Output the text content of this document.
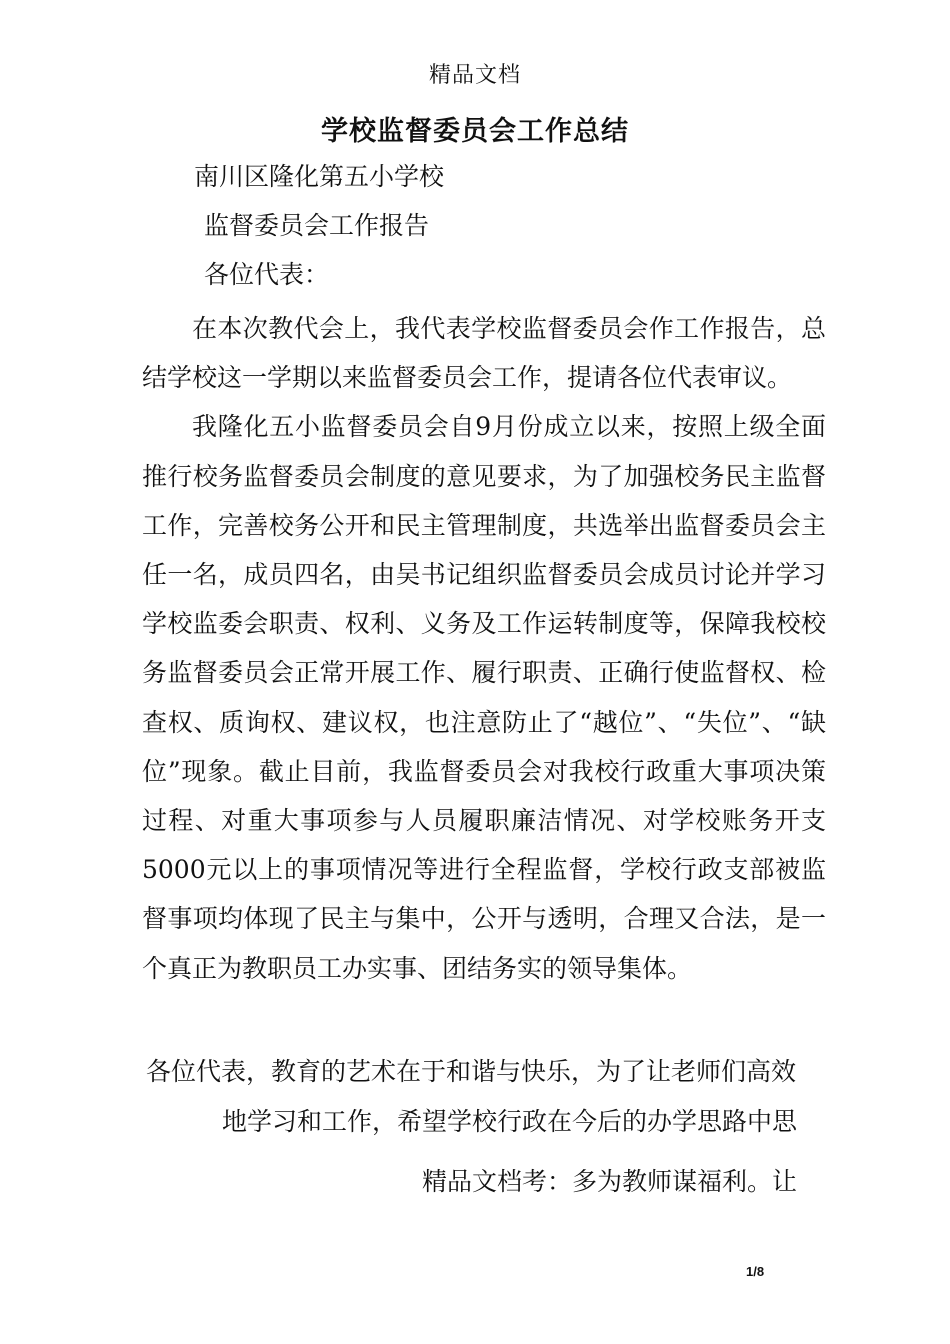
精品文档
学校监督委员会工作总结
南川区隆化第五小学校
监督委员会工作报告
各位代表：

在本次教代会上，我代表学校监督委员会作工作报告，总结学校这一学期以来监督委员会工作，提请各位代表审议。

我隆化五小监督委员会自9月份成立以来，按照上级全面推行校务监督委员会制度的意见要求，为了加强校务民主监督工作，完善校务公开和民主管理制度，共选举出监督委员会主任一名，成员四名，由吴书记组织监督委员会成员讨论并学习学校监委会职责、权利、义务及工作运转制度等，保障我校校务监督委员会正常开展工作、履行职责、正确行使监督权、检查权、质询权、建议权，也注意防止了“越位”、“失位”、“缺位”现象。截止目前，我监督委员会对我校行政重大事项决策过程、对重大事项参与人员履职廉洁情况、对学校账务开支5000元以上的事项情况等进行全程监督，学校行政支部被监督事项均体现了民主与集中，公开与透明，合理又合法，是一个真正为教职员工办实事、团结务实的领导集体。

各位代表，教育的艺术在于和谐与快乐，为了让老师们高效
地学习和工作，希望学校行政在今后的办学思路中思
精品文档考：多为教师谋福利。让
1/8
